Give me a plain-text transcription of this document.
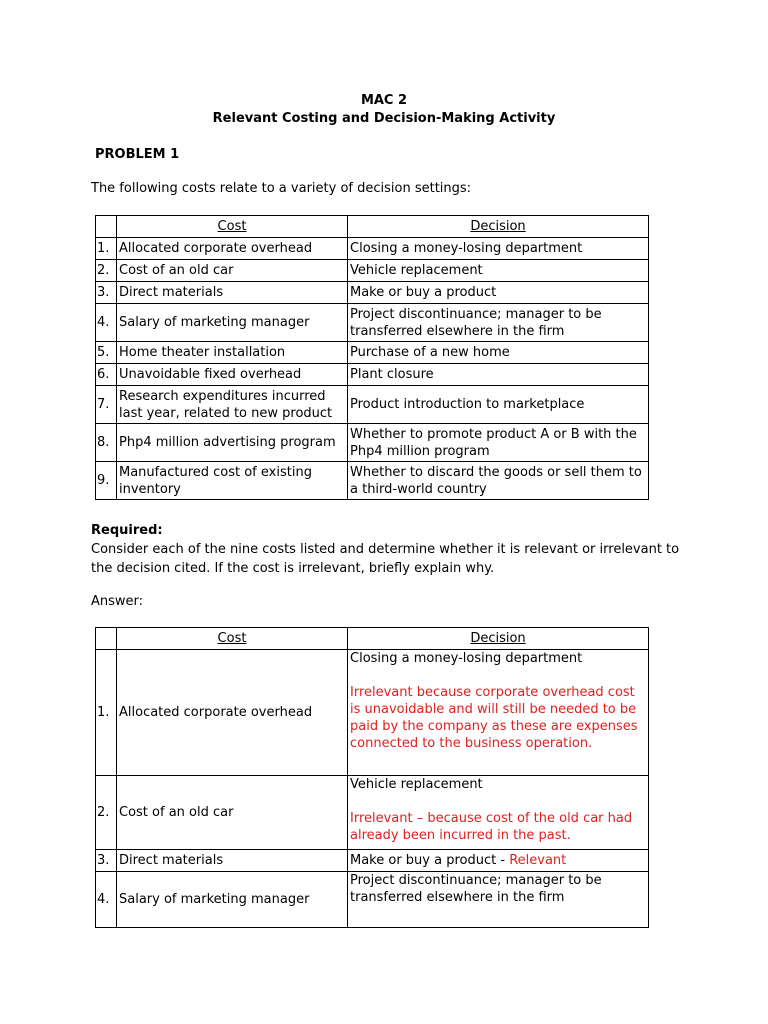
MAC 2
Relevant Costing and Decision-Making Activity
PROBLEM 1
The following costs relate to a variety of decision settings:
	Cost	Decision
1.	Allocated corporate overhead	Closing a money-losing department
2.	Cost of an old car	Vehicle replacement
3.	Direct materials	Make or buy a product
4.	Salary of marketing manager	Project discontinuance; manager to be transferred elsewhere in the firm
5.	Home theater installation	Purchase of a new home
6.	Unavoidable fixed overhead	Plant closure
7.	Research expenditures incurred last year, related to new product	Product introduction to marketplace
8.	Php4 million advertising program	Whether to promote product A or B with the Php4 million program
9.	Manufactured cost of existing inventory	Whether to discard the goods or sell them to a third-world country
Required:
Consider each of the nine costs listed and determine whether it is relevant or irrelevant to the decision cited. If the cost is irrelevant, briefly explain why.
Answer:
	Cost	Decision
1.	Allocated corporate overhead	Closing a money-losing department
Irrelevant because corporate overhead cost is unavoidable and will still be needed to be paid by the company as these are expenses connected to the business operation.

2.	Cost of an old car	Vehicle replacement
Irrelevant – because cost of the old car had already been incurred in the past.

3.	Direct materials	Make or buy a product - Relevant
4.	Salary of marketing manager	Project discontinuance; manager to be transferred elsewhere in the firm
